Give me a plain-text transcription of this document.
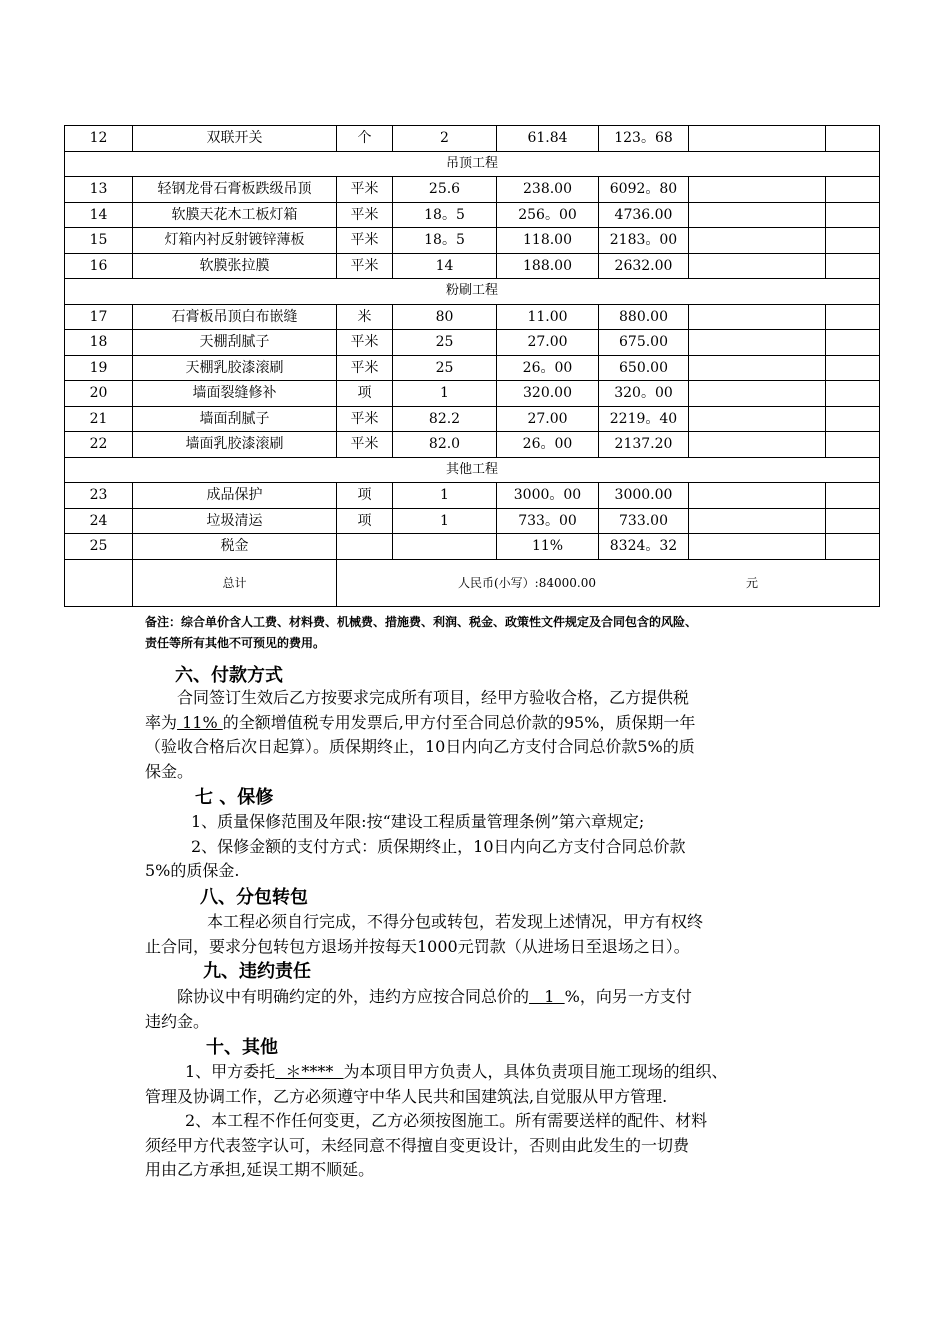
12	双联开关	个	2	61.84	123。68		
吊顶工程							
13	轻钢龙骨石膏板跌级吊顶	平米	25.6	238.00	6092。80		
14	软膜天花木工板灯箱	平米	18。5	256。00	4736.00		
15	灯箱内衬反射镀锌薄板	平米	18。5	118.00	2183。00		
16	软膜张拉膜	平米	14	188.00	2632.00		
粉刷工程							
17	石膏板吊顶白布嵌缝	米	80	11.00	880.00		
18	天棚刮腻子	平米	25	27.00	675.00		
19	天棚乳胶漆滚刷	平米	25	26。00	650.00		
20	墙面裂缝修补	项	1	320.00	320。00		
21	墙面刮腻子	平米	82.2	27.00	2219。40		
22	墙面乳胶漆滚刷	平米	82.0	26。00	2137.20		
其他工程							
23	成品保护	项	1	3000。00	3000.00		
24	垃圾清运	项	1	733。00	733.00		
25	税金			11%	8324。32		
	总计	人民币(小写）:84000.00 元					
备注：综合单价含人工费、材料费、机械费、措施费、利润、税金、政策性文件规定及合同包含的风险、
责任等所有其他不可预见的费用。
六、付款方式
合同签订生效后乙方按要求完成所有项目，经甲方验收合格，乙方提供税
率为 11% 的全额增值税专用发票后,甲方付至合同总价款的95%，质保期一年
（验收合格后次日起算）。质保期终止，10日内向乙方支付合同总价款5%的质
保金。
七 、保修
1、质量保修范围及年限:按“建设工程质量管理条例”第六章规定;
2、保修金额的支付方式：质保期终止，10日内向乙方支付合同总价款
5%的质保金.
八、分包转包
本工程必须自行完成，不得分包或转包，若发现上述情况，甲方有权终
止合同，要求分包转包方退场并按每天1000元罚款（从进场日至退场之日）。
九、违约责任
除协议中有明确约定的外，违约方应按合同总价的   1  %，向另一方支付
违约金。
十、其他
1、甲方委托  ＊****  为本项目甲方负责人，具体负责项目施工现场的组织、
管理及协调工作，乙方必须遵守中华人民共和国建筑法,自觉服从甲方管理.
2、本工程不作任何变更，乙方必须按图施工。所有需要送样的配件、材料
须经甲方代表签字认可，未经同意不得擅自变更设计，否则由此发生的一切费
用由乙方承担,延误工期不顺延。
